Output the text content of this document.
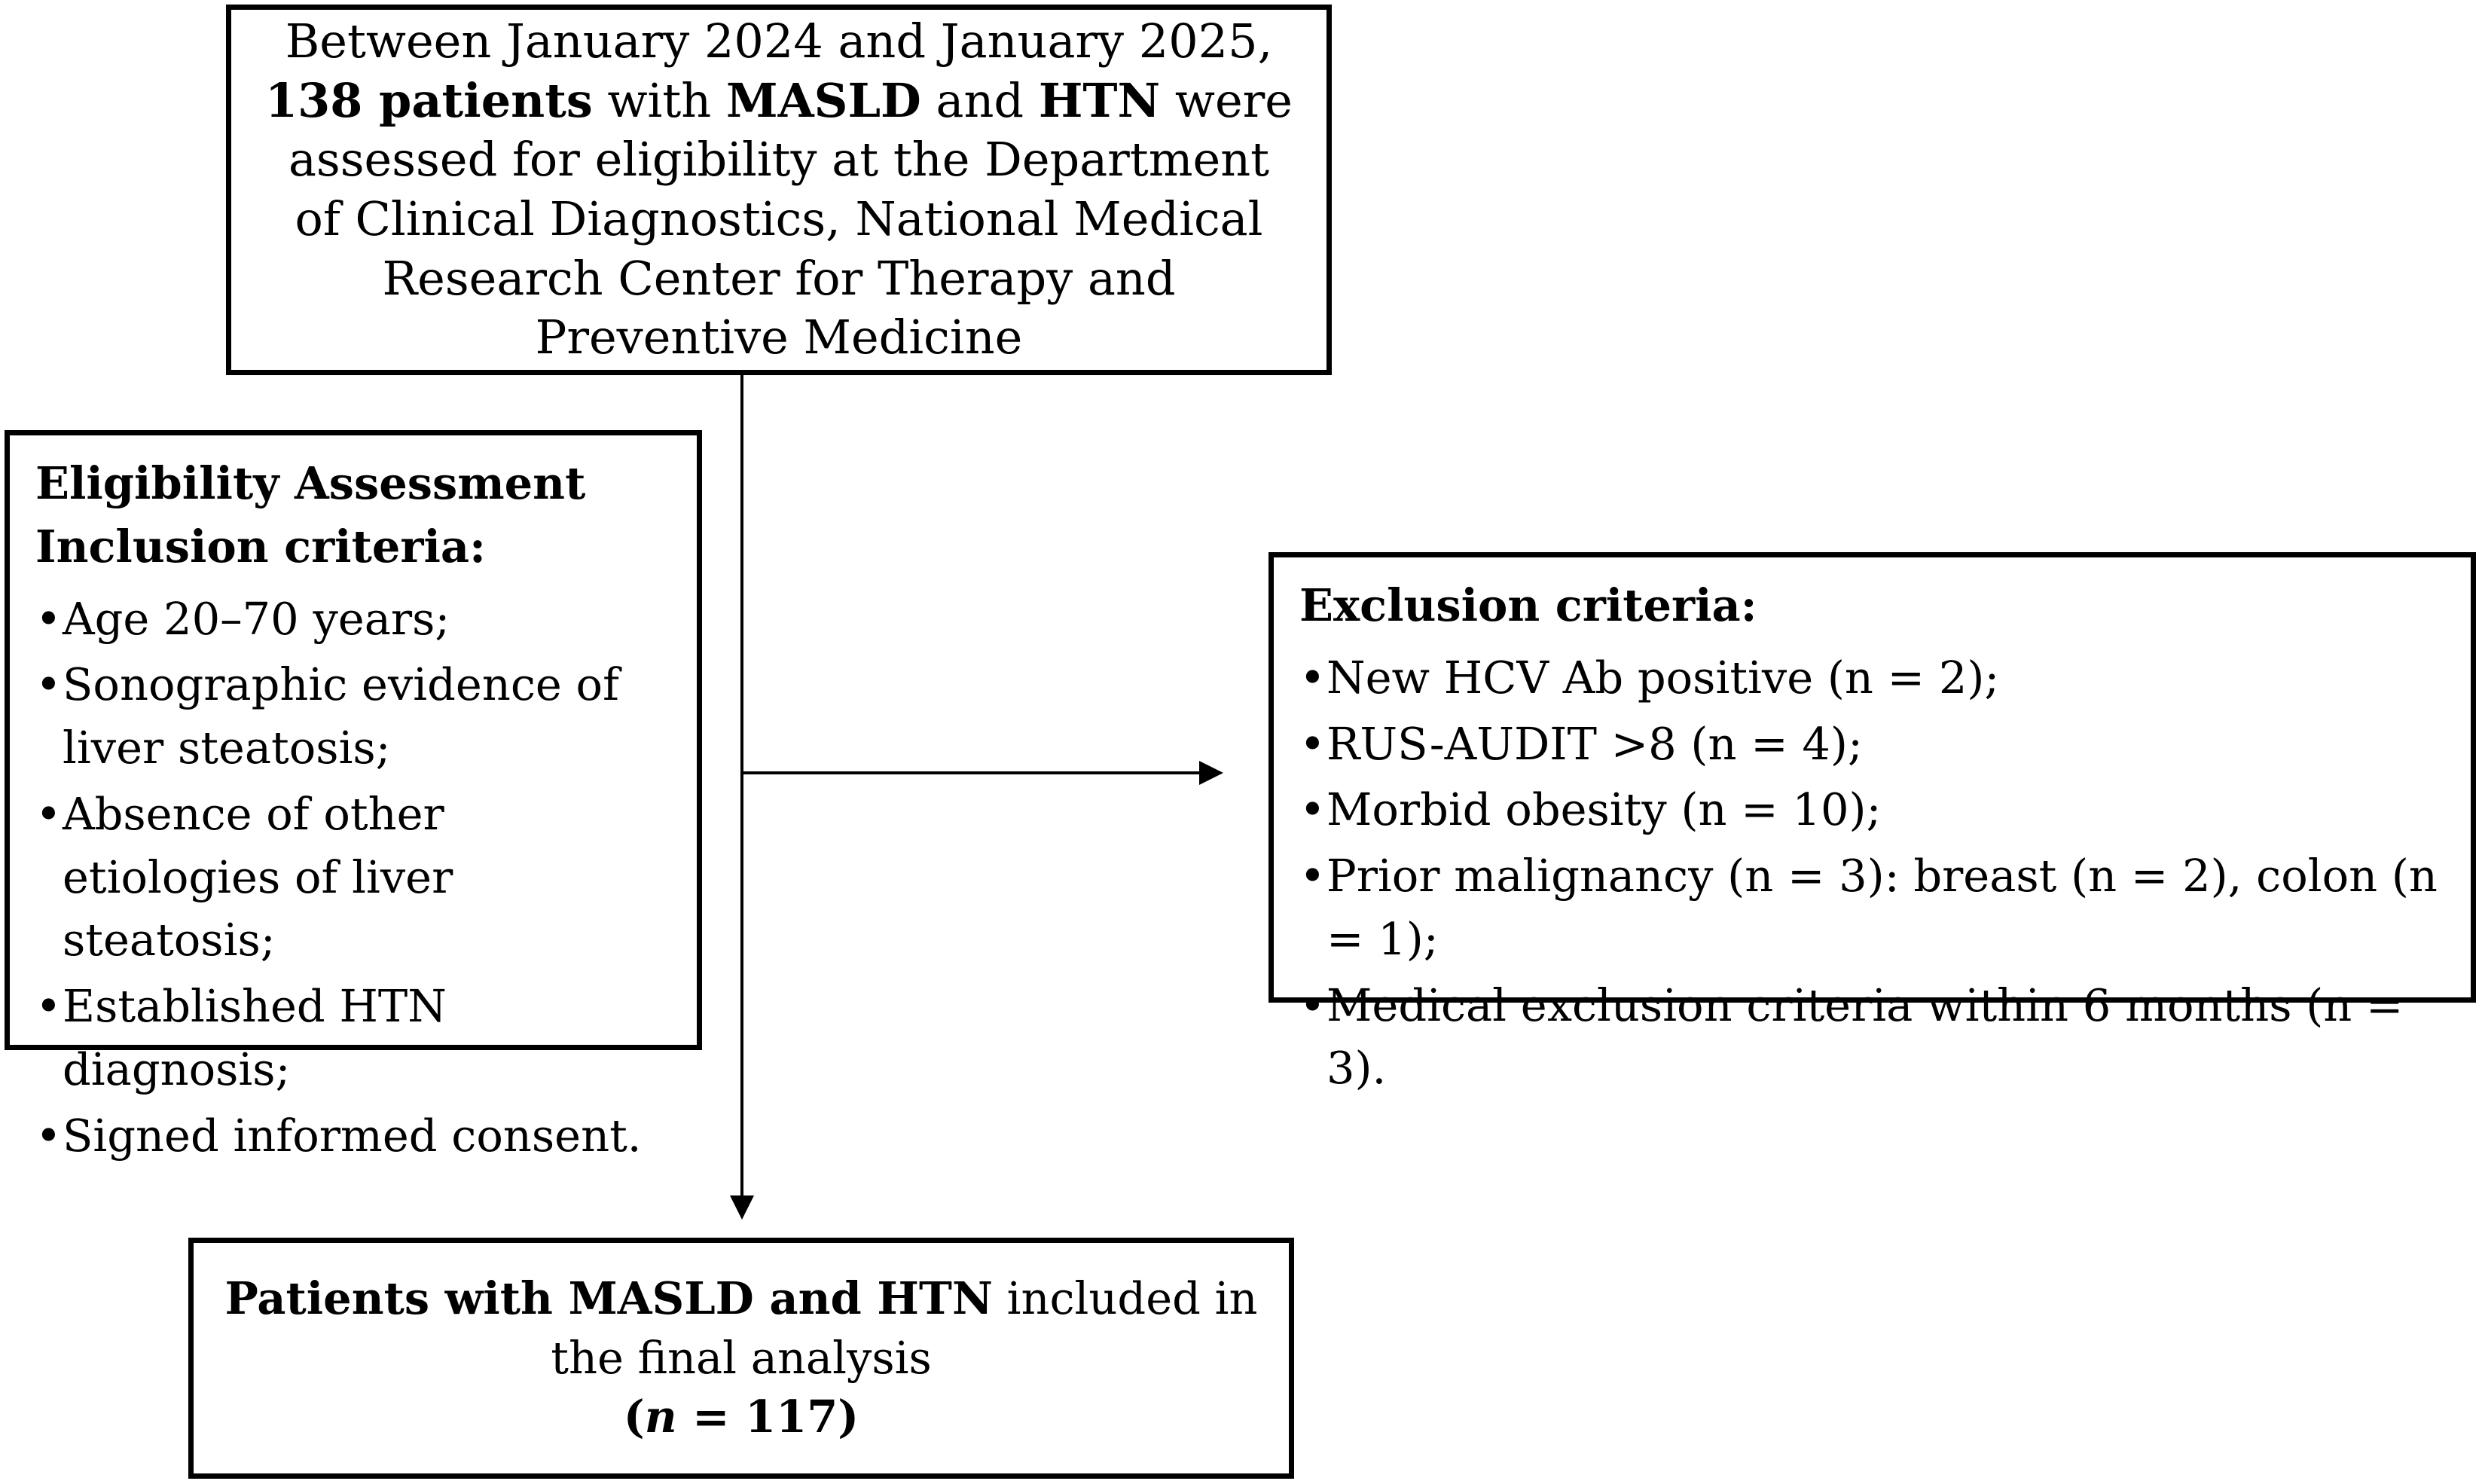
Between January 2024 and January 2025, 138 patients with MASLD and HTN were assessed for eligibility at the Department of Clinical Diagnostics, National Medical Research Center for Therapy and Preventive Medicine
Eligibility Assessment
Inclusion criteria:
• Age 20–70 years;
• Sonographic evidence of liver steatosis;
• Absence of other etiologies of liver steatosis;
• Established HTN diagnosis;
• Signed informed consent.
Exclusion criteria:
• New HCV Ab positive (n = 2);
• RUS-AUDIT >8 (n = 4);
• Morbid obesity (n = 10);
• Prior malignancy (n = 3): breast (n = 2), colon (n = 1);
• Medical exclusion criteria within 6 months (n = 3).
Patients with MASLD and HTN included in the final analysis
(n = 117)
